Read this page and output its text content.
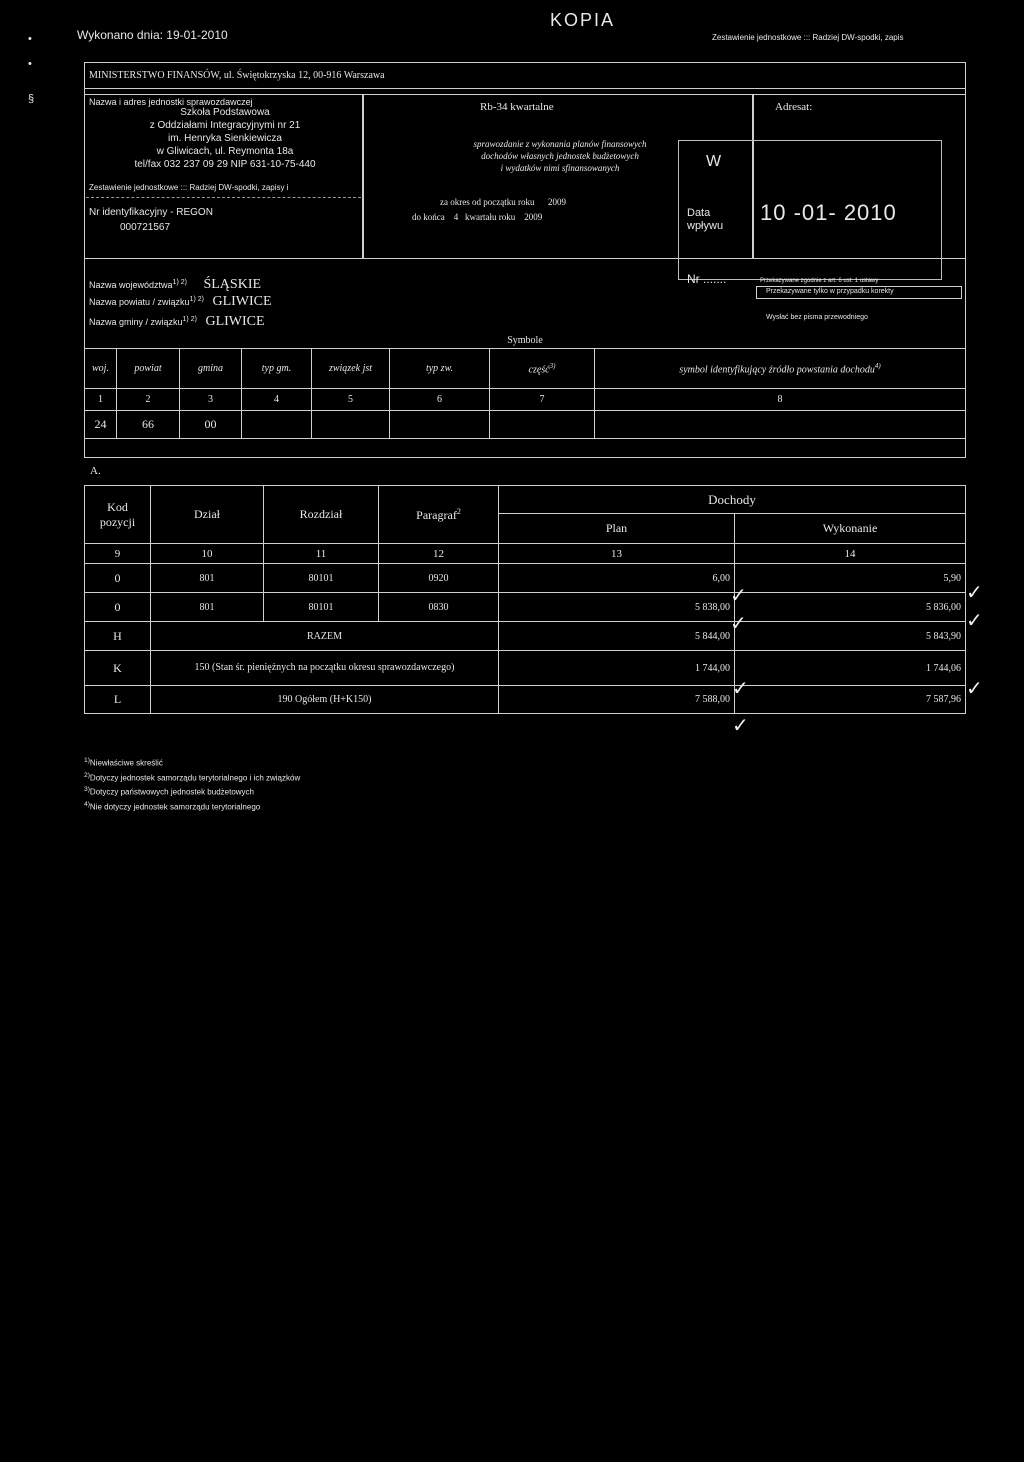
•
•
§
Wykonano dnia: 19-01-2010
KOPIA
Zestawienie jednostkowe ::: Radziej DW-spodki, zapis
MINISTERSTWO FINANSÓW, ul. Świętokrzyska 12, 00-916 Warszawa
Nazwa i adres jednostki sprawozdawczej
Szkoła Podstawowa
z Oddziałami Integracyjnymi nr 21
im. Henryka Sienkiewicza
w Gliwicach, ul. Reymonta 18a
tel/fax 032 237 09 29 NIP 631-10-75-440
Zestawienie jednostkowe ::: Radziej DW-spodki, zapisy i
Nr identyfikacyjny - REGON
000721567
Rb-34 kwartalne
sprawozdanie z wykonania planów finansowych
dochodów własnych jednostek budżetowych
i wydatków nimi sfinansowanych
za okres od początku roku 2009
do końca 4 kwartału roku 2009
Adresat:
W
Data wpływu
10 -01- 2010
Nr .......	Przekazywane zgodnie z art. 6 ust. 1 ustawy
Przekazywane tylko w przypadku korekty
Wysłać bez pisma przewodniego
Nazwa województwa$^{1) 2)}$ ŚLĄSKIE
Nazwa powiatu / związku$^{1) 2)}$ GLIWICE
Nazwa gminy / związku$^{1) 2)}$ GLIWICE
Symbole
woj.	powiat	gmina	typ gm.	związek jst	typ zw.	część$^{3)}$	symbol identyfikujący źródło powstania dochodu$^{4)}$
1	2	3	4	5	6	7	8
24	66	00					
A.
Kod pozycji	Dział	Rozdział	Paragraf$^2$	Dochody	
				Plan	Wykonanie
9	10	11	12	13	14
0	801	80101	0920	6,00	5,90
0	801	80101	0830	5 838,00	5 836,00
H	RAZEM			5 844,00	5 843,90
K	150 (Stan śr. pieniężnych na początku okresu sprawozdawczego)			1 744,00	1 744,06
L	190 Ogółem (H+K150)			7 588,00	7 587,96
✓	✓
✓	✓
✓	✓
✓
$^{1)}$Niewłaściwe skreślić
$^{2)}$Dotyczy jednostek samorządu terytorialnego i ich związków
$^{3)}$Dotyczy państwowych jednostek budżetowych
$^{4)}$Nie dotyczy jednostek samorządu terytorialnego
